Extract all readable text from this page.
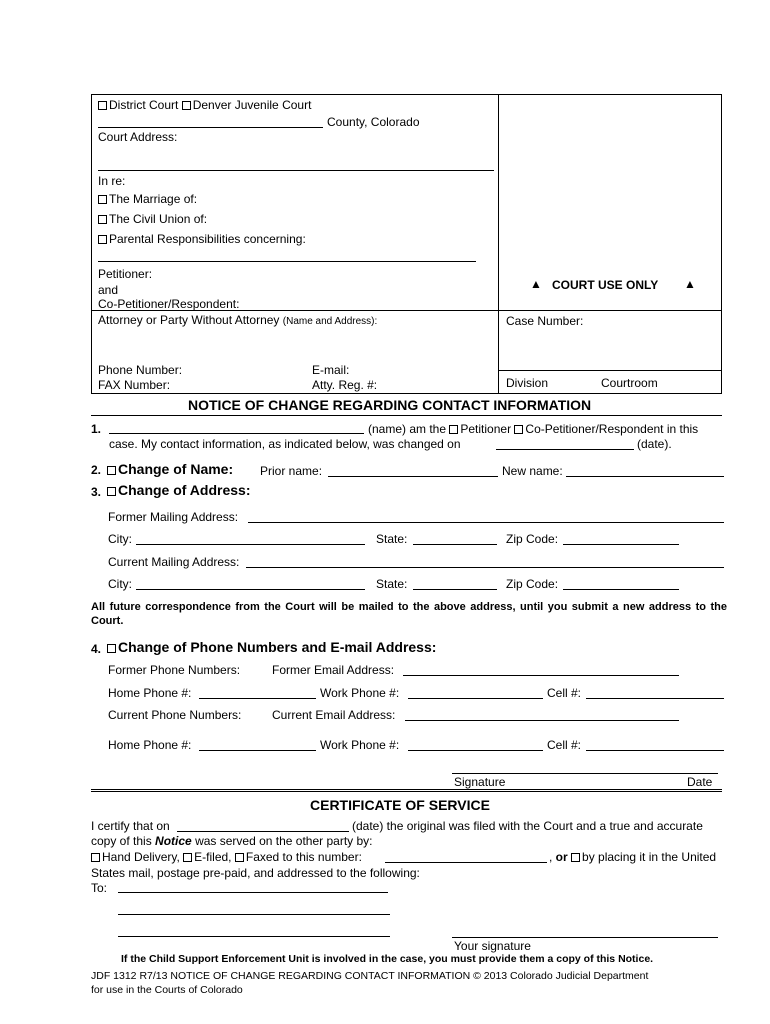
District Court Denver Juvenile Court
County, Colorado
Court Address:
In re:
The Marriage of:
The Civil Union of:
Parental Responsibilities concerning:
Petitioner:
and
Co-Petitioner/Respondent:
Attorney or Party Without Attorney (Name and Address):
Phone Number:	E-mail:
FAX Number:	Atty. Reg. #:
▲ COURT USE ONLY ▲
Case Number:
Division	Courtroom
NOTICE OF CHANGE REGARDING CONTACT INFORMATION
1.	(name) am the Petitioner Co-Petitioner/Respondent in this
case. My contact information, as indicated below, was changed on	(date).
2.	Change of Name: Prior name:	New name:
3.	Change of Address:
Former Mailing Address:
City:	State:	Zip Code:
Current Mailing Address:
City:	State:	Zip Code:
All future correspondence from the Court will be mailed to the above address, until you submit a new address to the Court.
4.	Change of Phone Numbers and E-mail Address:
Former Phone Numbers:	Former Email Address:
Home Phone #:	Work Phone #:	Cell #:
Current Phone Numbers:	Current Email Address:
Home Phone #:	Work Phone #:	Cell #:
Signature	Date
CERTIFICATE OF SERVICE
I certify that on	(date) the original was filed with the Court and a true and accurate
copy of this Notice was served on the other party by:
Hand Delivery, E-filed, Faxed to this number:	, or by placing it in the United
States mail, postage pre-paid, and addressed to the following:
To:
Your signature
If the Child Support Enforcement Unit is involved in the case, you must provide them a copy of this Notice.
JDF 1312 R7/13 NOTICE OF CHANGE REGARDING CONTACT INFORMATION © 2013 Colorado Judicial Department
for use in the Courts of Colorado
